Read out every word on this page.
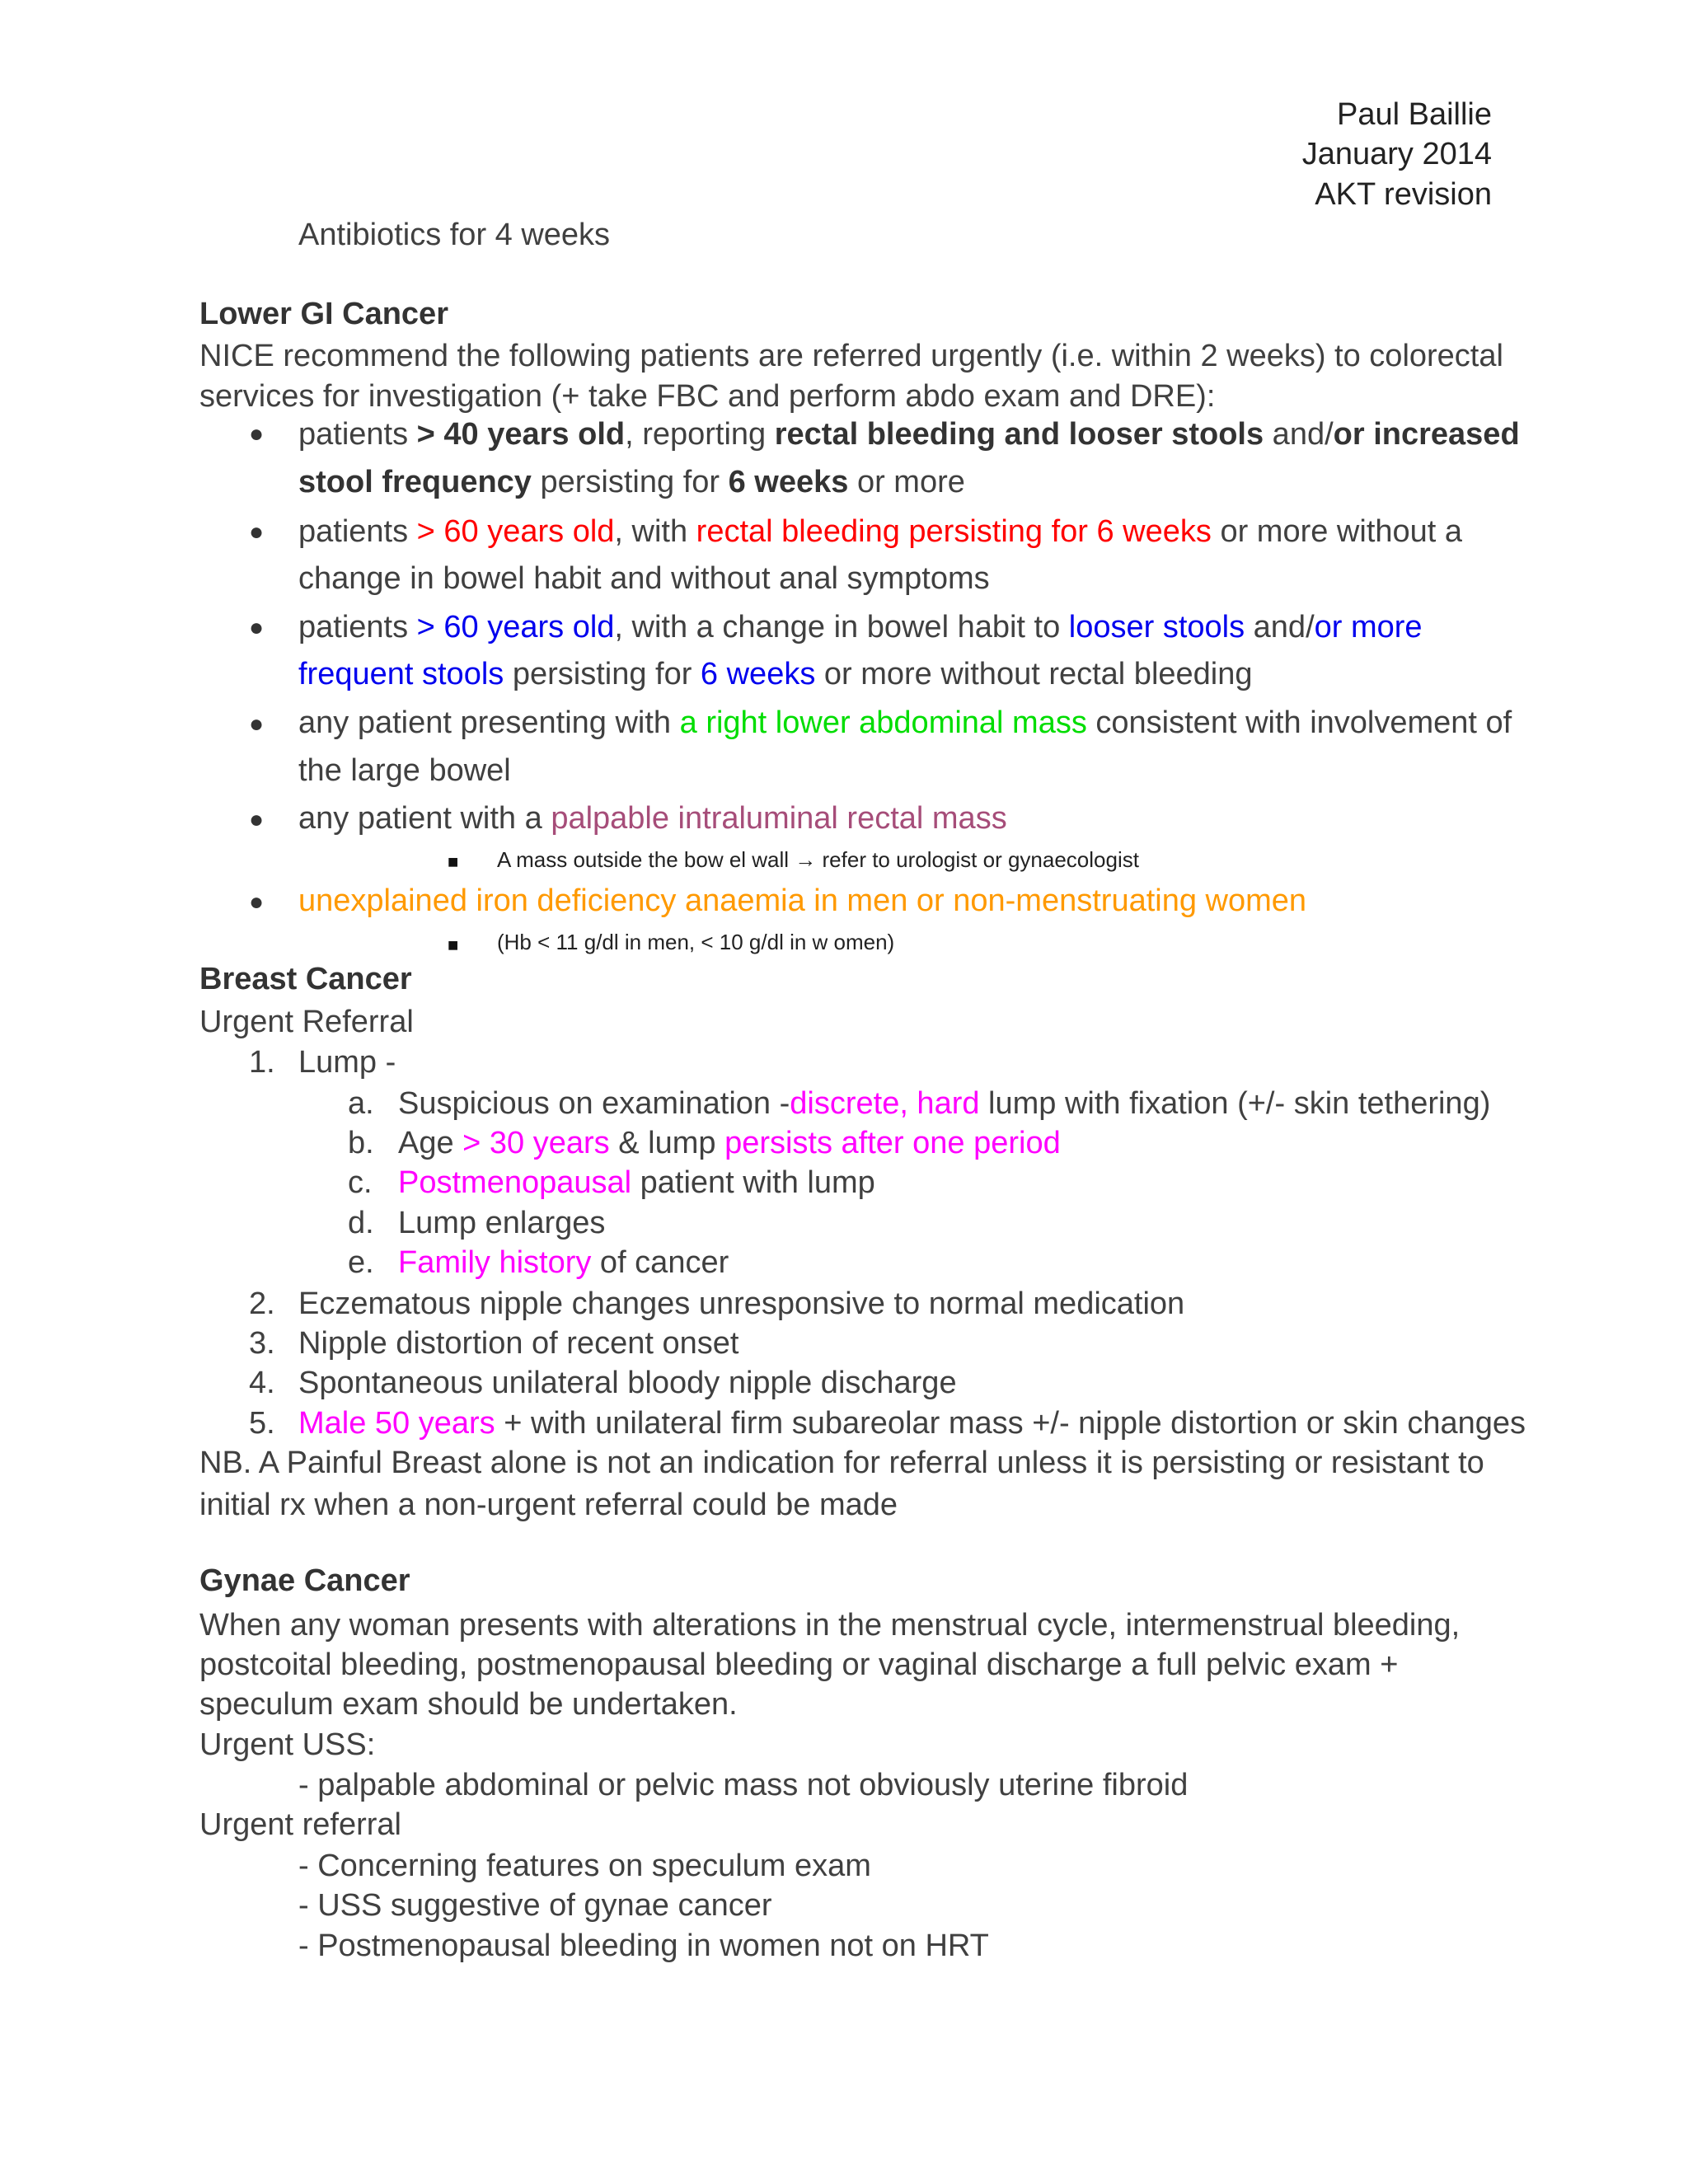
Paul Baillie
January 2014
AKT revision
Antibiotics for 4 weeks
Lower GI Cancer
NICE recommend the following patients are referred urgently (i.e. within 2 weeks) to colorectal
services for investigation (+ take FBC and perform abdo exam and DRE):
● patients > 40 years old, reporting rectal bleeding and looser stools and/or increased
stool frequency persisting for 6 weeks or more
● patients > 60 years old, with rectal bleeding persisting for 6 weeks or more without a
change in bowel habit and without anal symptoms
● patients > 60 years old, with a change in bowel habit to looser stools and/or more
frequent stools persisting for 6 weeks or more without rectal bleeding
● any patient presenting with a right lower abdominal mass consistent with involvement of
the large bowel
● any patient with a palpable intraluminal rectal mass
■ A mass outside the bow el wall → refer to urologist or gynaecologist
● unexplained iron deficiency anaemia in men or non-menstruating women
■ (Hb < 11 g/dl in men, < 10 g/dl in w omen)
Breast Cancer
Urgent Referral
1. Lump -
a. Suspicious on examination -discrete, hard lump with fixation (+/- skin tethering)
b. Age > 30 years & lump persists after one period
c. Postmenopausal patient with lump
d. Lump enlarges
e. Family history of cancer
2. Eczematous nipple changes unresponsive to normal medication
3. Nipple distortion of recent onset
4. Spontaneous unilateral bloody nipple discharge
5. Male 50 years + with unilateral firm subareolar mass +/- nipple distortion or skin changes
NB. A Painful Breast alone is not an indication for referral unless it is persisting or resistant to
initial rx when a non-urgent referral could be made
Gynae Cancer
When any woman presents with alterations in the menstrual cycle, intermenstrual bleeding,
postcoital bleeding, postmenopausal bleeding or vaginal discharge a full pelvic exam +
speculum exam should be undertaken.
Urgent USS:
- palpable abdominal or pelvic mass not obviously uterine fibroid
Urgent referral
- Concerning features on speculum exam
- USS suggestive of gynae cancer
- Postmenopausal bleeding in women not on HRT
